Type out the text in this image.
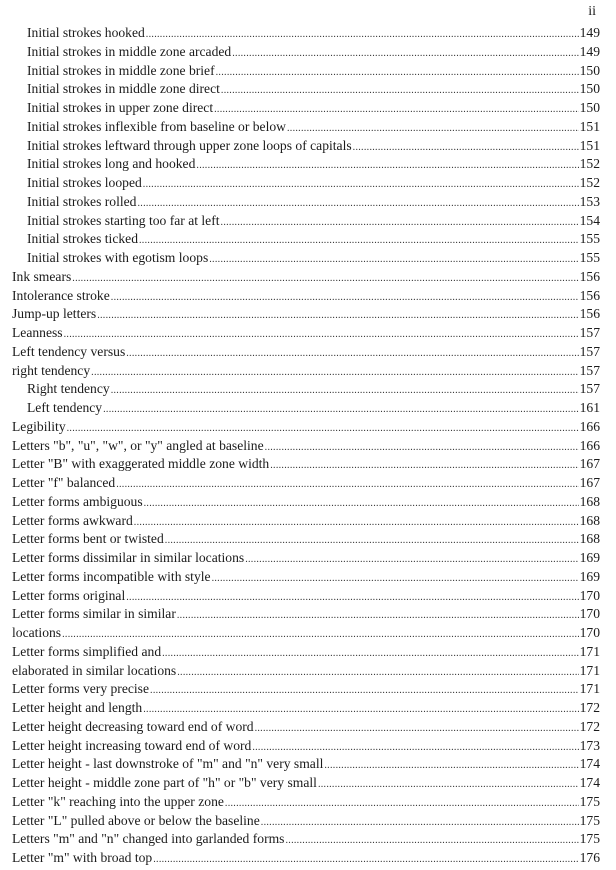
ii
Initial strokes hooked .....	149
Initial strokes in middle zone arcaded .....	149
Initial strokes in middle zone brief .....	150
Initial strokes in middle zone direct .....	150
Initial strokes in upper zone direct .....	150
Initial strokes inflexible from baseline or below .....	151
Initial strokes leftward through upper zone loops of capitals .....	151
Initial strokes long and hooked .....	152
Initial strokes looped .....	152
Initial strokes rolled .....	153
Initial strokes starting too far at left .....	154
Initial strokes ticked .....	155
Initial strokes with egotism loops .....	155
Ink smears .....	156
Intolerance stroke .....	156
Jump-up letters .....	156
Leanness .....	157
Left tendency versus .....	157
right tendency .....	157
Right tendency .....	157
Left tendency .....	161
Legibility .....	166
Letters "b", "u", "w", or "y" angled at baseline .....	166
Letter "B" with exaggerated middle zone width .....	167
Letter "f" balanced .....	167
Letter forms ambiguous .....	168
Letter forms awkward .....	168
Letter forms bent or twisted .....	168
Letter forms dissimilar in similar locations .....	169
Letter forms incompatible with style .....	169
Letter forms original .....	170
Letter forms similar in similar .....	170
locations .....	170
Letter forms simplified and .....	171
elaborated in similar locations .....	171
Letter forms very precise .....	171
Letter height and length .....	172
Letter height decreasing toward end of word .....	172
Letter height increasing toward end of word .....	173
Letter height - last downstroke of "m" and "n" very small .....	174
Letter height - middle zone part of "h" or "b" very small .....	174
Letter "k" reaching into the upper zone .....	175
Letter "L" pulled above or below the baseline .....	175
Letters "m" and "n" changed into garlanded forms .....	175
Letter "m" with broad top .....	176
